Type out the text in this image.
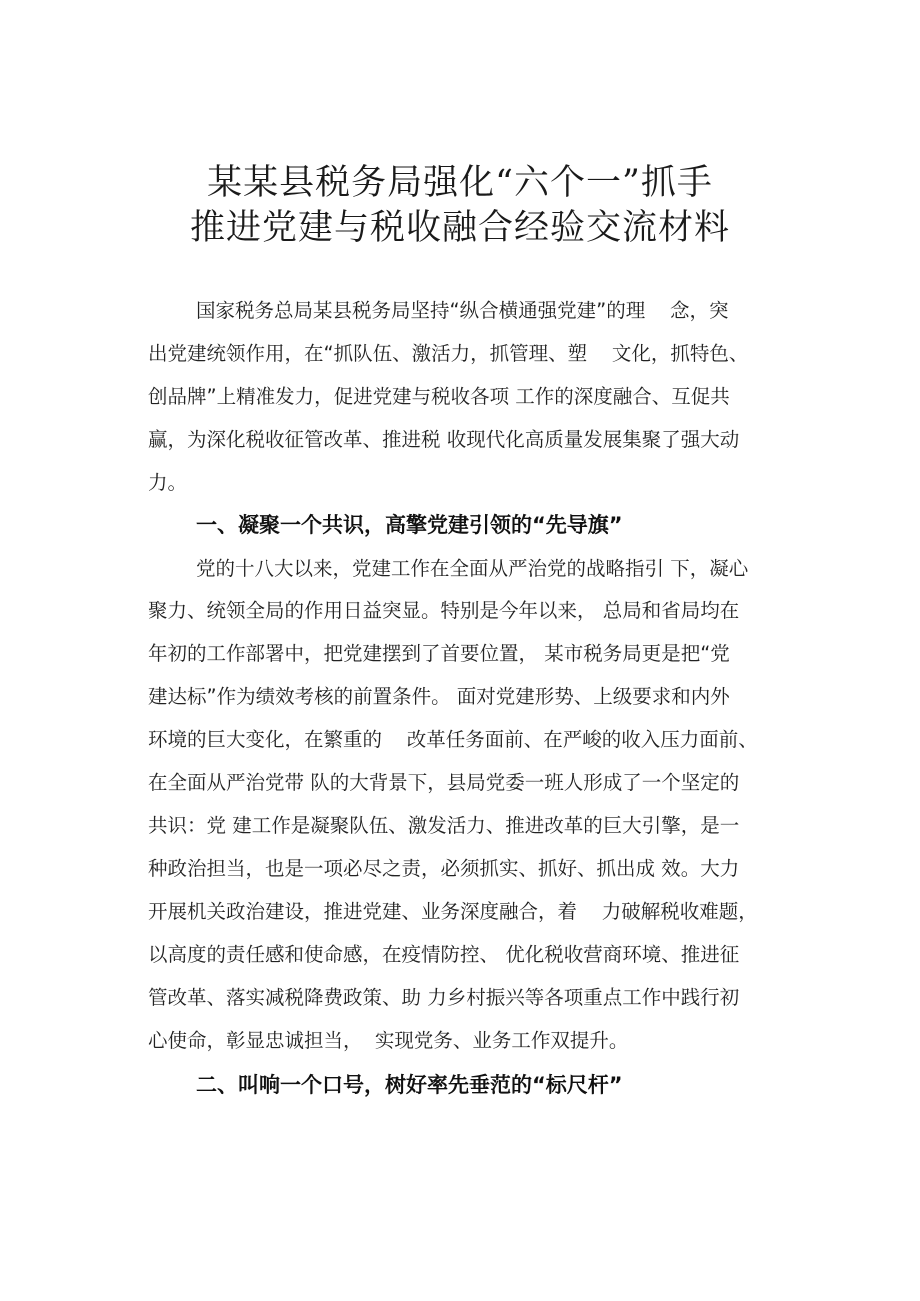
某某县税务局强化“六个一”抓手
推进党建与税收融合经验交流材料
国家税务总局某县税务局坚持“纵合横通强党建”的理    念，突
出党建统领作用，在“抓队伍、激活力，抓管理、塑    文化，抓特色、
创品牌”上精准发力，促进党建与税收各项 工作的深度融合、互促共
赢，为深化税收征管改革、推进税 收现代化高质量发展集聚了强大动
力。
一、凝聚一个共识，高擎党建引领的“先导旗”
党的十八大以来，党建工作在全面从严治党的战略指引 下，凝心
聚力、统领全局的作用日益突显。特别是今年以来， 总局和省局均在
年初的工作部署中，把党建摆到了首要位置， 某市税务局更是把“党
建达标”作为绩效考核的前置条件。 面对党建形势、上级要求和内外
环境的巨大变化，在繁重的    改革任务面前、在严峻的收入压力面前、
在全面从严治党带 队的大背景下，县局党委一班人形成了一个坚定的
共识：党 建工作是凝聚队伍、激发活力、推进改革的巨大引擎，是一
种政治担当，也是一项必尽之责，必须抓实、抓好、抓出成 效。大力
开展机关政治建设，推进党建、业务深度融合，着    力破解税收难题，
以高度的责任感和使命感，在疫情防控、 优化税收营商环境、推进征
管改革、落实减税降费政策、助 力乡村振兴等各项重点工作中践行初
心使命，彰显忠诚担当，  实现党务、业务工作双提升。
二、叫响一个口号，树好率先垂范的“标尺杆”
